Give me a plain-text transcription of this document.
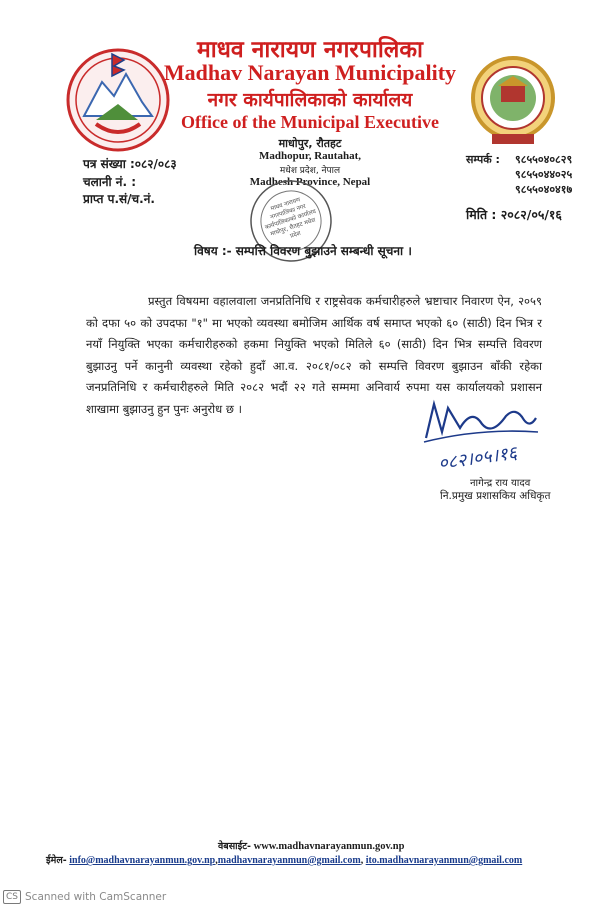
माधव नारायण नगरपालिका
Madhav Narayan Municipality
नगर कार्यपालिकाको कार्यालय
Office of the Municipal Executive
माधोपुर, रौतहट
Madhopur, Rautahat,
मधेश प्रदेश, नेपाल
Madhesh Province, Nepal
पत्र संख्या :०८२/०८३
चलानी नं. :
प्राप्त प.सं/च.नं.
सम्पर्क : ९८५५०४०८२९
९८५५०४४०२५
९८५५०४०४१७
मिति : २०८२/०५/१६
माधव नारायण नगरपालिका नगर कार्यपालिकाको कार्यालय माधोपुर, रौतहट मधेश प्रदेश
विषय :- सम्पत्ति विवरण बुझाउने सम्बन्धी सूचना ।
प्रस्तुत विषयमा वहालवाला जनप्रतिनिधि र राष्ट्रसेवक कर्मचारीहरुले भ्रष्टाचार निवारण ऐन, २०५९ को दफा ५० को उपदफा "१" मा भएको व्यवस्था बमोजिम आर्थिक वर्ष समाप्त भएको ६० (साठी) दिन भित्र र नयाँ नियुक्ति भएका कर्मचारीहरुको हकमा नियुक्ति भएको मितिले ६० (साठी) दिन भित्र सम्पत्ति विवरण बुझाउनु पर्ने कानुनी व्यवस्था रहेको हुदाँ आ.व. २०८१/०८२ को सम्पत्ति विवरण बुझाउन बाँकी रहेका जनप्रतिनिधि र कर्मचारीहरुले मिति २०८२ भदौं २२ गते सम्ममा अनिवार्य रुपमा यस कार्यालयको प्रशासन शाखामा बुझाउनु हुन पुनः अनुरोध छ ।
०८२।०५।१६
नागेन्द्र राय यादव
नि.प्रमुख प्रशासकिय अधिकृत
वेबसाईट- www.madhavnarayanmun.gov.np
ईमेल- info@madhavnarayanmun.gov.np,madhavnarayanmun@gmail.com, ito.madhavnarayanmun@gmail.com
CS Scanned with CamScanner
